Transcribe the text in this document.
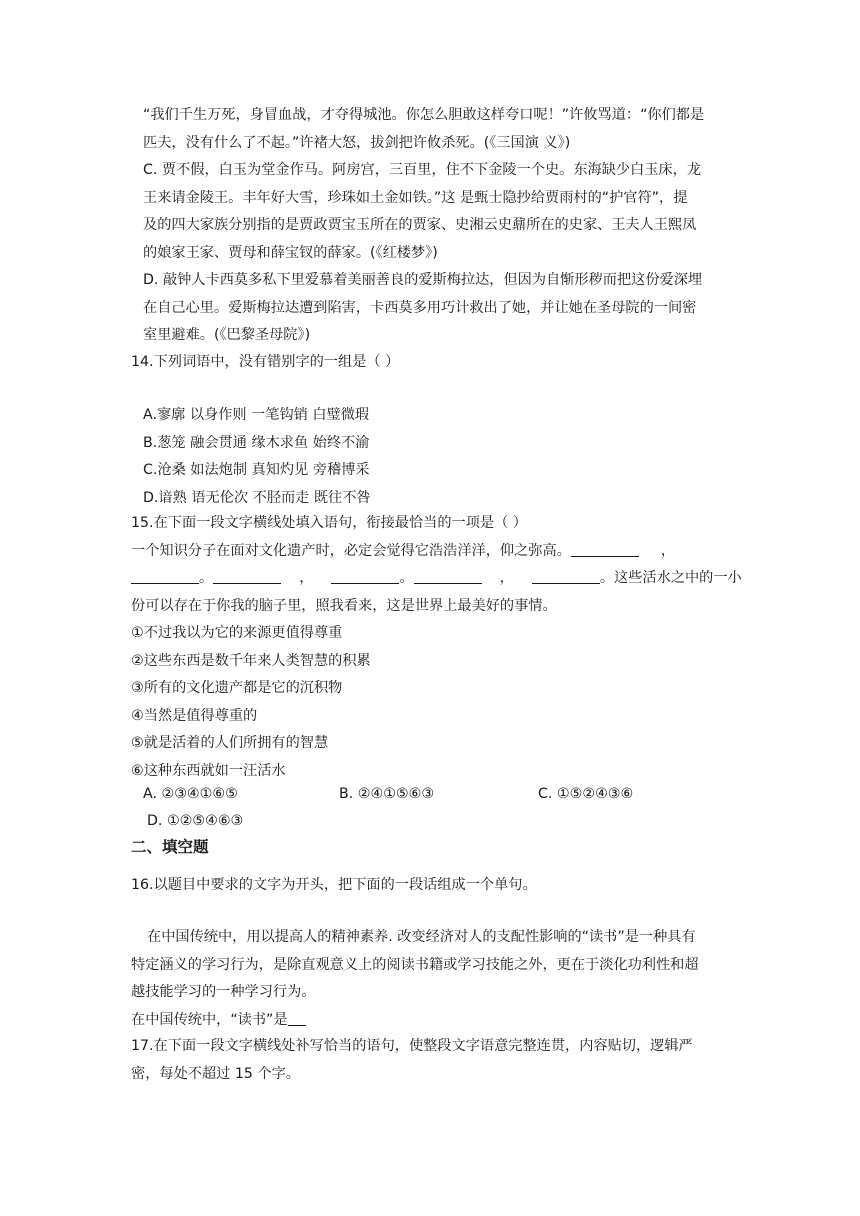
“我们千生万死，身冒血战，才夺得城池。你怎么胆敢这样夸口呢！”许攸骂道：“你们都是
匹夫，没有什么了不起。”许褚大怒，拔剑把许攸杀死。(《三国演 义》)
C. 贾不假，白玉为堂金作马。阿房宫，三百里，住不下金陵一个史。东海缺少白玉床，龙
王来请金陵王。丰年好大雪，珍珠如土金如铁。”这 是甄士隐抄给贾雨村的“护官符”，提
及的四大家族分别指的是贾政贾宝玉所在的贾家、史湘云史鼐所在的史家、王夫人王熙凤
的娘家王家、贾母和薛宝钗的薛家。(《红楼梦》)
D. 敲钟人卡西莫多私下里爱慕着美丽善良的爱斯梅拉达，但因为自惭形秽而把这份爱深埋
在自己心里。爱斯梅拉达遭到陷害，卡西莫多用巧计救出了她，并让她在圣母院的一间密
室里避难。(《巴黎圣母院》)
14.下列词语中，没有错别字的一组是（ ）
A.寥廓 以身作则 一笔钩销 白璧微瑕
B.葱笼 融会贯通 缘木求鱼 始终不渝
C.沧桑 如法炮制 真知灼见 旁稽博采
D.谙熟 语无伦次 不胫而走 既往不咎
15.在下面一段文字横线处填入语句，衔接最恰当的一项是（ ）
一个知识分子在面对文化遗产时，必定会觉得它浩浩洋洋，仰之弥高。	，
。	，	。	，	。这些活水之中的一小
份可以存在于你我的脑子里，照我看来，这是世界上最美好的事情。
①不过我以为它的来源更值得尊重
②这些东西是数千年来人类智慧的积累
③所有的文化遗产都是它的沉积物
④当然是值得尊重的
⑤就是活着的人们所拥有的智慧
⑥这种东西就如一汪活水
A. ②③④①⑥⑤	B. ②④①⑤⑥③	C. ①⑤②④③⑥
D. ①②⑤④⑥③
二、填空题
16.以题目中要求的文字为开头，把下面的一段话组成一个单句。
在中国传统中，用以提高人的精神素养. 改变经济对人的支配性影响的“读书”是一种具有
特定涵义的学习行为，是除直观意义上的阅读书籍或学习技能之外，更在于淡化功利性和超
越技能学习的一种学习行为。
在中国传统中，“读书”是
17.在下面一段文字横线处补写恰当的语句，使整段文字语意完整连贯，内容贴切，逻辑严
密，每处不超过 15 个字。
